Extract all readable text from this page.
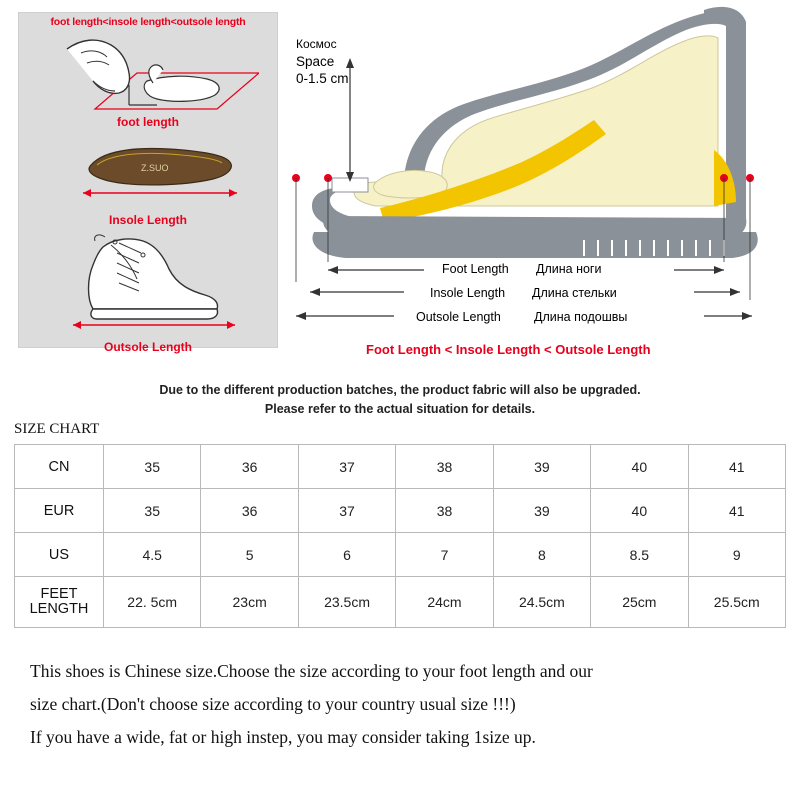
foot length<insole length<outsole length
foot length
Z.SUO
Insole Length
Outsole Length
Космос
Space
0-1.5 cm
Foot Length Длина ноги
Insole Length Длина стельки
Outsole Length	Длина подошвы
Foot Length < Insole Length < Outsole Length
Due to the different production batches, the product fabric will also be upgraded.
Please refer to the actual situation for details.
SIZE CHART
CN	35	36	37	38	39	40	41
EUR	35	36	37	38	39	40	41
US	4.5	5	6	7	8	8.5	9

FEET
LENGTH	22. 5cm	23cm	23.5cm	24cm	24.5cm	25cm	25.5cm

This shoes is Chinese size.Choose the size according to your foot length and our

size chart.(Don't choose size according to your country usual size !!!)

If you have a wide, fat or high instep, you may consider taking 1size up.
